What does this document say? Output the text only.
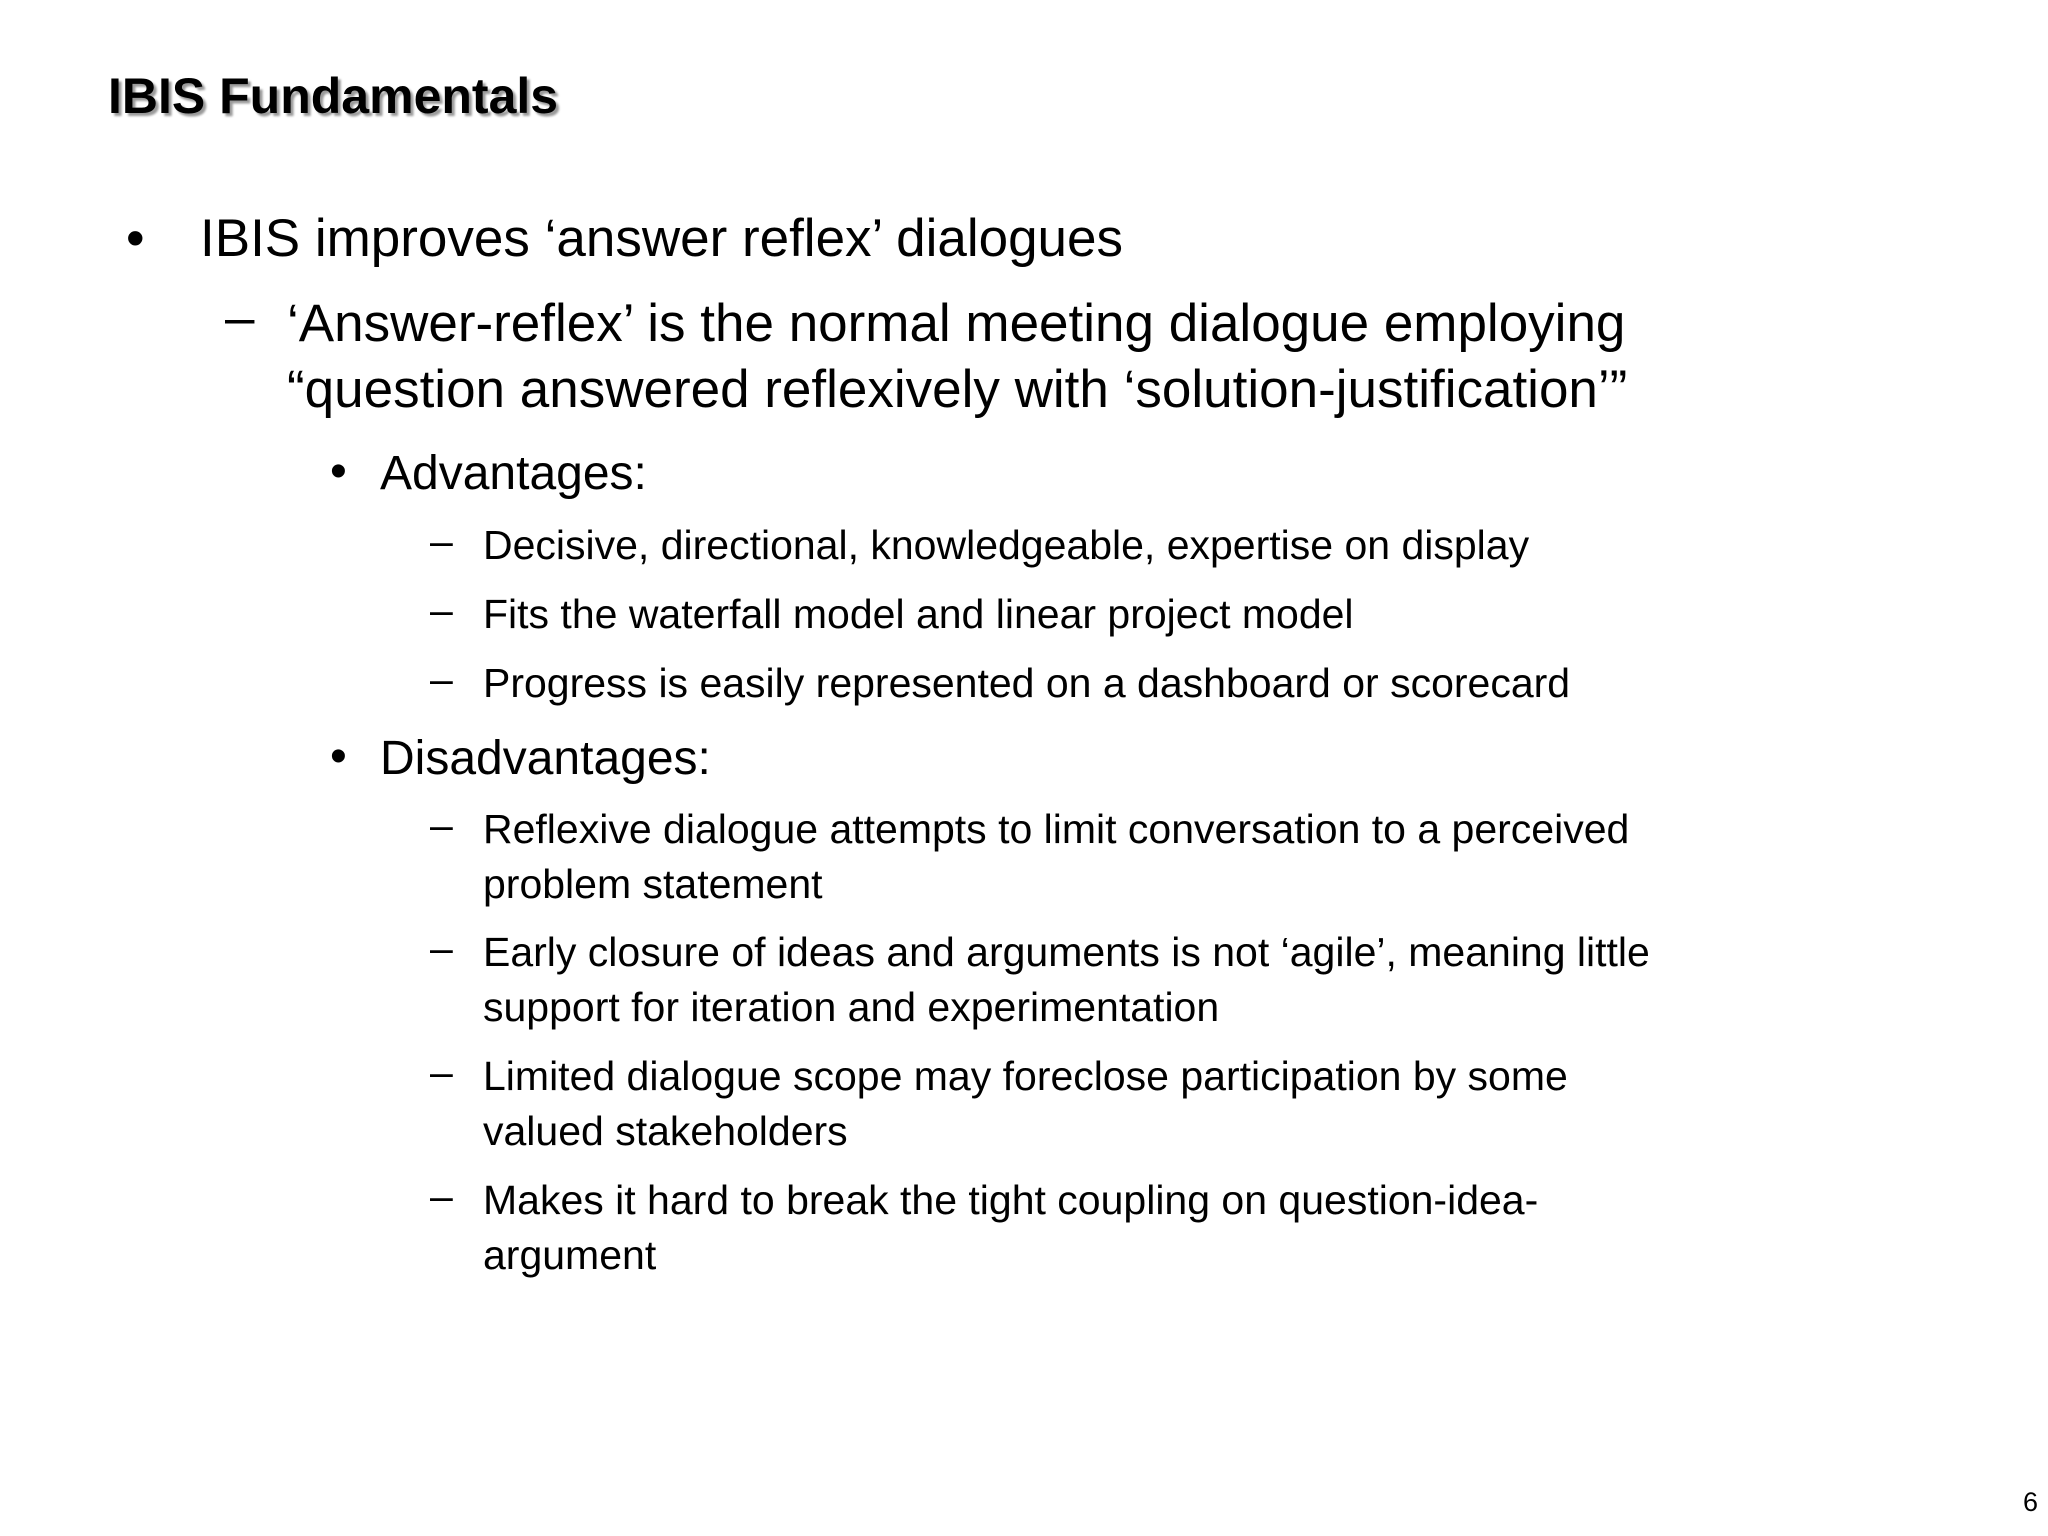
IBIS Fundamentals
• IBIS improves ‘answer reflex’ dialogues
– ‘Answer-reflex’ is the normal meeting dialogue employing
“question answered reflexively with ‘solution-justification’”
• Advantages:
– Decisive, directional, knowledgeable, expertise on display
– Fits the waterfall model and linear project model
– Progress is easily represented on a dashboard or scorecard
• Disadvantages:
– Reflexive dialogue attempts to limit conversation to a perceived
problem statement
– Early closure of ideas and arguments is not ‘agile’, meaning little
support for iteration and experimentation
– Limited dialogue scope may foreclose participation by some
valued stakeholders
– Makes it hard to break the tight coupling on question-idea-
argument
6
